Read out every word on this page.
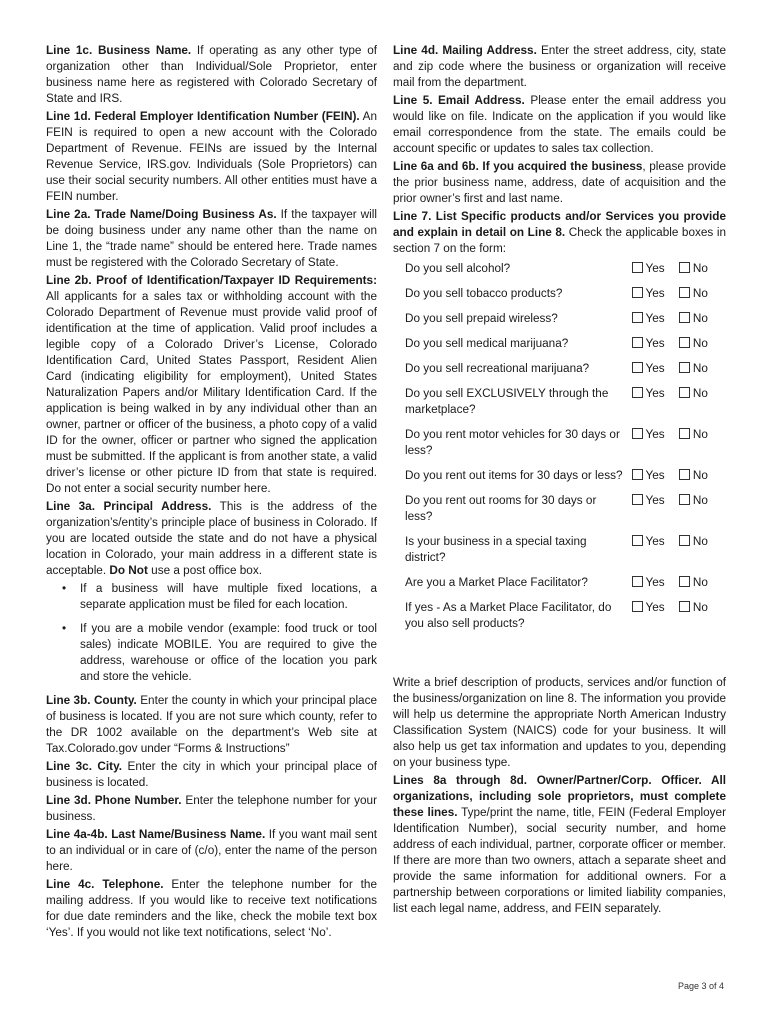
Line 1c. Business Name. If operating as any other type of organization other than Individual/Sole Proprietor, enter business name here as registered with Colorado Secretary of State and IRS.

Line 1d. Federal Employer Identification Number (FEIN). An FEIN is required to open a new account with the Colorado Department of Revenue. FEINs are issued by the Internal Revenue Service, IRS.gov. Individuals (Sole Proprietors) can use their social security numbers. All other entities must have a FEIN number.

Line 2a. Trade Name/Doing Business As. If the taxpayer will be doing business under any name other than the name on Line 1, the “trade name” should be entered here. Trade names must be registered with the Colorado Secretary of State.

Line 2b. Proof of Identification/Taxpayer ID Requirements: All applicants for a sales tax or withholding account with the Colorado Department of Revenue must provide valid proof of identification at the time of application. Valid proof includes a legible copy of a Colorado Driver’s License, Colorado Identification Card, United States Passport, Resident Alien Card (indicating eligibility for employment), United States Naturalization Papers and/or Military Identification Card. If the application is being walked in by any individual other than an owner, partner or officer of the business, a photo copy of a valid ID for the owner, officer or partner who signed the application must be submitted. If the applicant is from another state, a valid driver’s license or other picture ID from that state is required. Do not enter a social security number here.

Line 3a. Principal Address. This is the address of the organization’s/entity’s principle place of business in Colorado. If you are located outside the state and do not have a physical location in Colorado, your main address in a different state is acceptable. Do Not use a post office box.

• If a business will have multiple fixed locations, a separate application must be filed for each location.
• If you are a mobile vendor (example: food truck or tool sales) indicate MOBILE. You are required to give the address, warehouse or office of the location you park and store the vehicle.

Line 3b. County. Enter the county in which your principal place of business is located. If you are not sure which county, refer to the DR 1002 available on the department’s Web site at Tax.Colorado.gov under “Forms & Instructions”

Line 3c. City. Enter the city in which your principal place of business is located.

Line 3d. Phone Number. Enter the telephone number for your business.

Line 4a-4b. Last Name/Business Name. If you want mail sent to an individual or in care of (c/o), enter the name of the person here.

Line 4c. Telephone. Enter the telephone number for the mailing address. If you would like to receive text notifications for due date reminders and the like, check the mobile text box ‘Yes’. If you would not like text notifications, select ‘No’.

Line 4d. Mailing Address. Enter the street address, city, state and zip code where the business or organization will receive mail from the department.

Line 5. Email Address. Please enter the email address you would like on file. Indicate on the application if you would like email correspondence from the state. The emails could be account specific or updates to sales tax collection.

Line 6a and 6b. If you acquired the business, please provide the prior business name, address, date of acquisition and the prior owner’s first and last name.

Line 7. List Specific products and/or Services you provide and explain in detail on Line 8. Check the applicable boxes in section 7 on the form:

Do you sell alcohol?	Yes	No
Do you sell tobacco products?	Yes	No
Do you sell prepaid wireless?	Yes	No
Do you sell medical marijuana?	Yes	No
Do you sell recreational marijuana?	Yes	No
Do you sell EXCLUSIVELY through the marketplace?	Yes	No
Do you rent motor vehicles for 30 days or less?	Yes	No
Do you rent out items for 30 days or less?	Yes	No
Do you rent out rooms for 30 days or less?	Yes	No
Is your business in a special taxing district?	Yes	No
Are you a Market Place Facilitator?	Yes	No
If yes - As a Market Place Facilitator, do you also sell products?	Yes	No

Write a brief description of products, services and/or function of the business/organization on line 8. The information you provide will help us determine the appropriate North American Industry Classification System (NAICS) code for your business. It will also help us get tax information and updates to you, depending on your business type.

Lines 8a through 8d. Owner/Partner/Corp. Officer. All organizations, including sole proprietors, must complete these lines. Type/print the name, title, FEIN (Federal Employer Identification Number), social security number, and home address of each individual, partner, corporate officer or member. If there are more than two owners, attach a separate sheet and provide the same information for additional owners. For a partnership between corporations or limited liability companies, list each legal name, address, and FEIN separately.

Page 3 of 4
